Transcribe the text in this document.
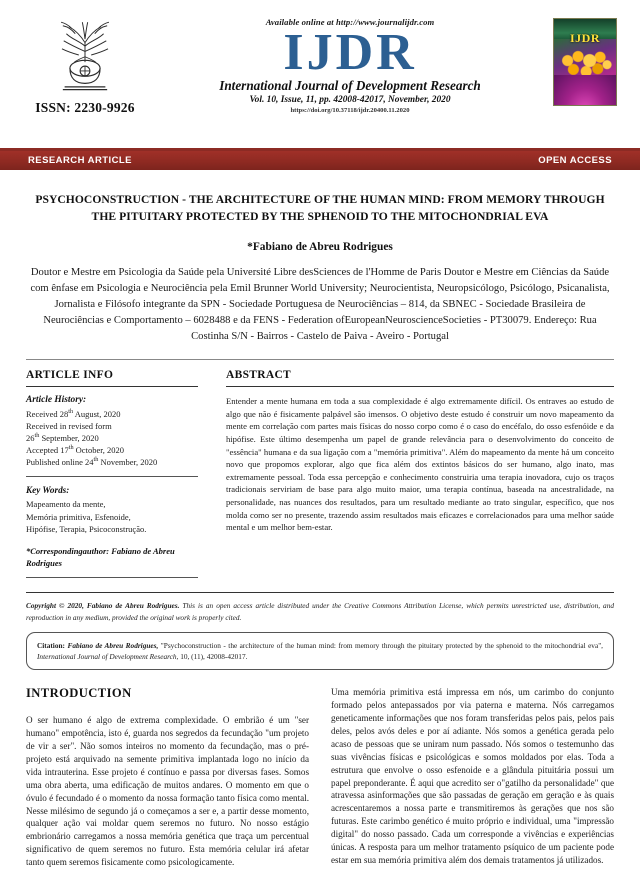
ISSN: 2230-9926
Available online at http://www.journalijdr.com
IJDR
International Journal of Development Research
Vol. 10, Issue, 11, pp. 42008-42017, November, 2020
https://doi.org/10.37118/ijdr.20400.11.2020
IJDR
RESEARCH ARTICLE	OPEN ACCESS
PSYCHOCONSTRUCTION - THE ARCHITECTURE OF THE HUMAN MIND: FROM MEMORY THROUGH THE PITUITARY PROTECTED BY THE SPHENOID TO THE MITOCHONDRIAL EVA
*Fabiano de Abreu Rodrigues
Doutor e Mestre em Psicologia da Saúde pela Université Libre desSciences de l'Homme de Paris Doutor e Mestre em Ciências da Saúde com ênfase em Psicologia e Neurociência pela Emil Brunner World University; Neurocientista, Neuropsicólogo, Psicólogo, Psicanalista, Jornalista e Filósofo integrante da SPN - Sociedade Portuguesa de Neurociências – 814, da SBNEC - Sociedade Brasileira de Neurociências e Comportamento – 6028488 e da FENS - Federation ofEuropeanNeuroscienceSocieties - PT30079. Endereço: Rua Costinha S/N - Bairros - Castelo de Paiva - Aveiro - Portugal
ARTICLE INFO
Article History:
Received 28th August, 2020
Received in revised form
26th September, 2020
Accepted 17th October, 2020
Published online 24th November, 2020
Key Words:
Mapeamento da mente,
Memória primitiva, Esfenoide,
Hipófise, Terapia, Psicoconstrução.
*Correspondingauthor: Fabiano de Abreu Rodrigues
ABSTRACT
Entender a mente humana em toda a sua complexidade é algo extremamente difícil. Os entraves ao estudo de algo que não é fisicamente palpável são imensos. O objetivo deste estudo é construir um novo mapeamento da mente em correlação com partes mais físicas do nosso corpo como é o caso do encéfalo, do osso esfenóide e da hipófise. Este último desempenha um papel de grande relevância para o desenvolvimento do conceito de "essência" humana e da sua ligação com a "memória primitiva". Além do mapeamento da mente há um conceito novo que propomos explorar, algo que fica além dos extintos básicos do ser humano, algo inato, mas extremamente pessoal. Toda essa percepção e conhecimento construiria uma terapia inovadora, cujo os traços tradicionais serviriam de base para algo muito maior, uma terapia contínua, baseada na ancestralidade, na personalidade, nas nuances dos resultados, para um resultado mediante ao trato singular, específico, que nos molda como ser no presente, trazendo assim resultados mais eficazes e correlacionados para uma melhor saúde mental e um melhor bem-estar.
Copyright © 2020, Fabiano de Abreu Rodrigues. This is an open access article distributed under the Creative Commons Attribution License, which permits unrestricted use, distribution, and reproduction in any medium, provided the original work is properly cited.
Citation: Fabiano de Abreu Rodrigues, "Psychoconstruction - the architecture of the human mind: from memory through the pituitary protected by the sphenoid to the mitochondrial eva", International Journal of Development Research, 10, (11), 42008-42017.
INTRODUCTION

O ser humano é algo de extrema complexidade. O embrião é um "ser humano" empotência, isto é, guarda nos segredos da fecundação "um projeto de vir a ser". Não somos inteiros no momento da fecundação, mas o pré-projeto está arquivado na semente primitiva implantada logo no início da vida intrauterina. Esse projeto é contínuo e passa por diversas fases. Somos uma obra aberta, uma edificação de muitos andares. O momento em que o óvulo é fecundado é o momento da nossa formação tanto física como mental. Nesse milésimo de segundo já o começamos a ser e, a partir desse momento, qualquer ação vai moldar quem seremos no futuro. No nosso estágio embrionário carregamos a nossa memória genética que traça um percentual significativo de quem seremos no futuro. Esta memória celular irá afetar tanto quem seremos fisicamente como psicologicamente.

Uma memória primitiva está impressa em nós, um carimbo do conjunto formado pelos antepassados por via paterna e materna. Nós carregamos geneticamente informações que nos foram transferidas pelos pais, pelos pais deles, pelos avós deles e por aí adiante. Nós somos a genética gerada pelo acaso de pessoas que se uniram num passado. Nós somos o testemunho das suas vivências físicas e psicológicas e somos moldados por elas. Toda a estrutura que envolve o osso esfenoide e a glândula pituitária possui um papel preponderante. É aqui que acredito ser o"gatilho da personalidade" que atravessa asinformações que são passadas de geração em geração e às quais acrescentaremos a nossa parte e transmitiremos às gerações que nos são futuras. Este carimbo genético é muito próprio e individual, uma "impressão digital" do nosso passado. Cada um corresponde a vivências e experiências únicas. A resposta para um melhor tratamento psíquico de um paciente pode estar em sua memória primitiva além dos demais tratamentos já utilizados.
